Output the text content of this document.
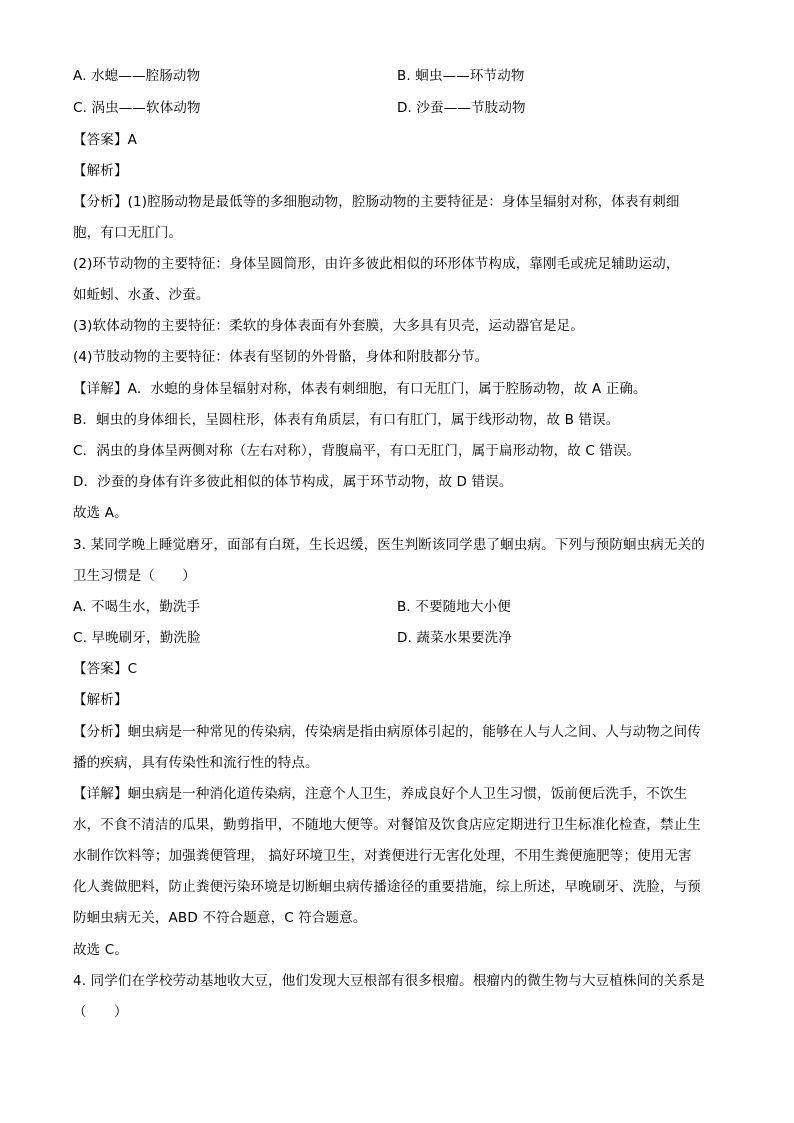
A. 水螅——腔肠动物	B. 蛔虫——环节动物
C. 涡虫——软体动物	D. 沙蚕——节肢动物
【答案】A
【解析】
【分析】(1)腔肠动物是最低等的多细胞动物，腔肠动物的主要特征是：身体呈辐射对称，体表有刺细
胞，有口无肛门。
(2)环节动物的主要特征：身体呈圆筒形，由许多彼此相似的环形体节构成，靠刚毛或疣足辅助运动，
如蚯蚓、水蚤、沙蚕。
(3)软体动物的主要特征：柔软的身体表面有外套膜，大多具有贝壳，运动器官是足。
(4)节肢动物的主要特征：体表有坚韧的外骨骼，身体和附肢都分节。
【详解】A．水螅的身体呈辐射对称，体表有刺细胞，有口无肛门，属于腔肠动物，故 A 正确。
B．蛔虫的身体细长，呈圆柱形，体表有角质层，有口有肛门，属于线形动物，故 B 错误。
C．涡虫的身体呈两侧对称（左右对称），背腹扁平，有口无肛门，属于扁形动物，故 C 错误。
D．沙蚕的身体有许多彼此相似的体节构成，属于环节动物，故 D 错误。
故选 A。
3. 某同学晚上睡觉磨牙，面部有白斑，生长迟缓，医生判断该同学患了蛔虫病。下列与预防蛔虫病无关的
卫生习惯是（　　）
A. 不喝生水，勤洗手	B. 不要随地大小便
C. 早晚刷牙，勤洗脸	D. 蔬菜水果要洗净
【答案】C
【解析】
【分析】蛔虫病是一种常见的传染病，传染病是指由病原体引起的，能够在人与人之间、人与动物之间传
播的疾病，具有传染性和流行性的特点。
【详解】蛔虫病是一种消化道传染病，注意个人卫生，养成良好个人卫生习惯，饭前便后洗手，不饮生
水，不食不清洁的瓜果，勤剪指甲，不随地大便等。对餐馆及饮食店应定期进行卫生标准化检查，禁止生
水制作饮料等；加强粪便管理， 搞好环境卫生，对粪便进行无害化处理，不用生粪便施肥等；使用无害
化人粪做肥料，防止粪便污染环境是切断蛔虫病传播途径的重要措施，综上所述，早晚刷牙、洗脸，与预
防蛔虫病无关，ABD 不符合题意，C 符合题意。
故选 C。
4. 同学们在学校劳动基地收大豆，他们发现大豆根部有很多根瘤。根瘤内的微生物与大豆植株间的关系是
（　　）
